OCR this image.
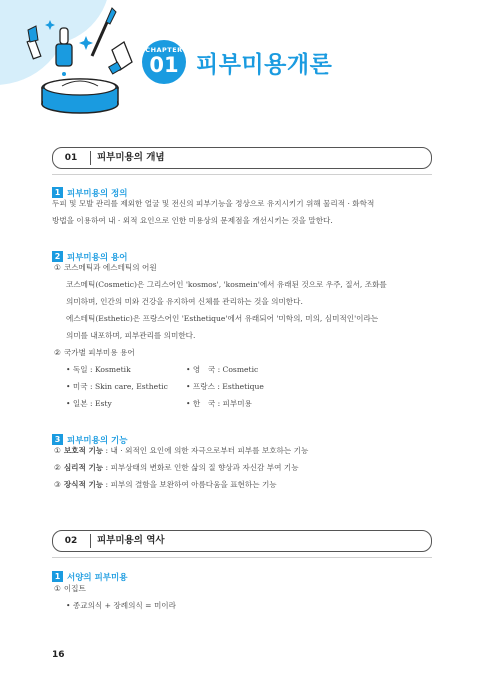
CHAPTER
01 피부미용개론
01	피부미용의 개념
1 피부미용의 정의
두피 및 모발 관리를 제외한 얼굴 및 전신의 피부기능을 정상으로 유지시키기 위해 물리적 · 화학적
방법을 이용하여 내 · 외적 요인으로 인한 미용상의 문제점을 개선시키는 것을 말한다.
2 피부미용의 용어
① 코스메틱과 에스테틱의 어원
코스메틱(Cosmetic)은 그리스어인 'kosmos', 'kosmein'에서 유래된 것으로 우주, 질서, 조화를
의미하며, 인간의 미와 건강을 유지하여 신체를 관리하는 것을 의미한다.
에스테틱(Esthetic)은 프랑스어인 'Esthetique'에서 유래되어 '미학의, 미의, 심미적인'이라는
의미를 내포하며, 피부관리를 의미한다.
② 국가별 피부미용 용어
• 독일 : Kosmetik	• 영　국 : Cosmetic
• 미국 : Skin care, Esthetic • 프랑스 : Esthetique
• 일본 : Esty	• 한　국 : 피부미용
3 피부미용의 기능
① 보호적 기능 : 내 · 외적인 요인에 의한 자극으로부터 피부를 보호하는 기능
② 심리적 기능 : 피부상태의 변화로 인한 삶의 질 향상과 자신감 부여 기능
③ 장식적 기능 : 피부의 결함을 보완하여 아름다움을 표현하는 기능
02	피부미용의 역사
1 서양의 피부미용
① 이집트
• 종교의식 + 장례의식 = 미이라
16
